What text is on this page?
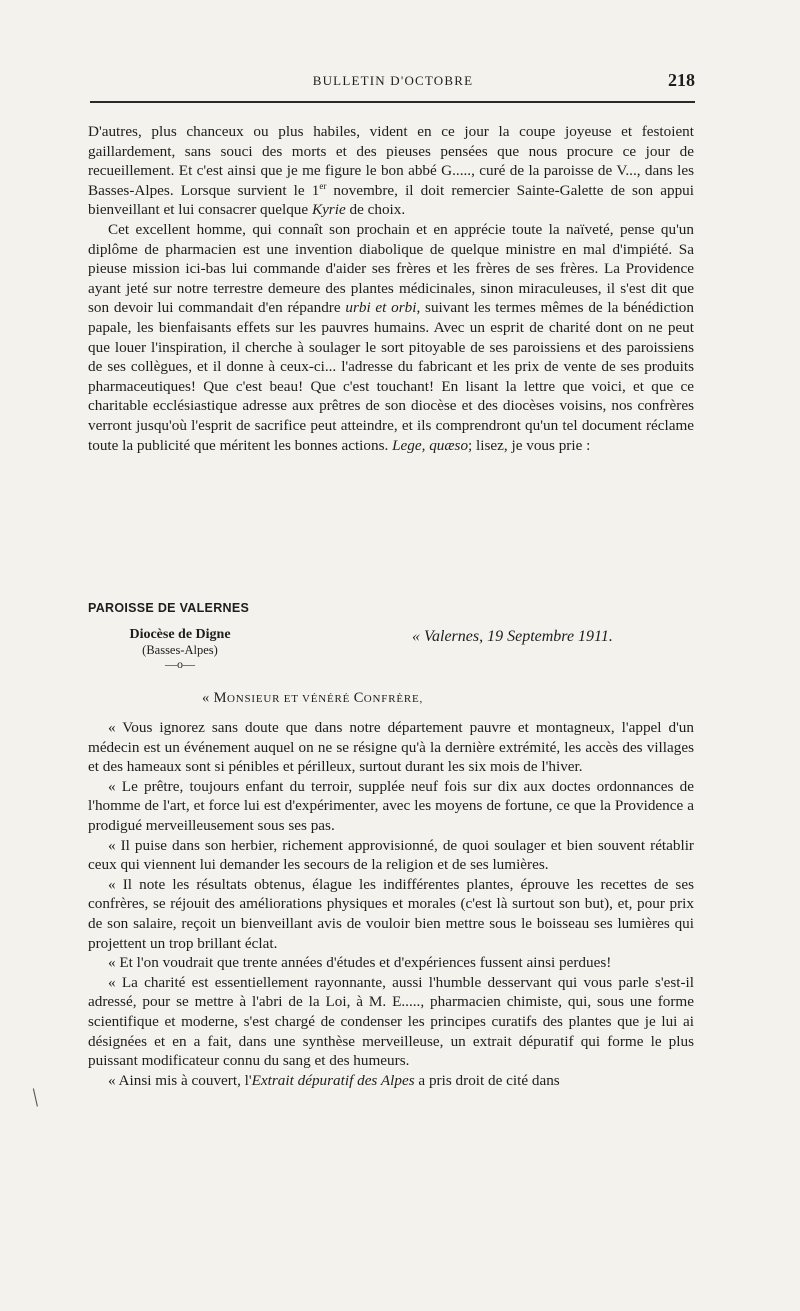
BULLETIN D'OCTOBRE	218

D'autres, plus chanceux ou plus habiles, vident en ce jour la coupe joyeuse et festoient gaillardement, sans souci des morts et des pieuses pensées que nous procure ce jour de recueillement. Et c'est ainsi que je me figure le bon abbé G....., curé de la paroisse de V..., dans les Basses-Alpes. Lorsque survient le 1er novembre, il doit remercier Sainte-Galette de son appui bienveillant et lui consacrer quelque Kyrie de choix.

Cet excellent homme, qui connaît son prochain et en apprécie toute la naïveté, pense qu'un diplôme de pharmacien est une invention diabolique de quelque ministre en mal d'impiété. Sa pieuse mission ici-bas lui commande d'aider ses frères et les frères de ses frères. La Providence ayant jeté sur notre terrestre demeure des plantes médicinales, sinon miraculeuses, il s'est dit que son devoir lui commandait d'en répandre urbi et orbi, suivant les termes mêmes de la bénédiction papale, les bienfaisants effets sur les pauvres humains. Avec un esprit de charité dont on ne peut que louer l'inspiration, il cherche à soulager le sort pitoyable de ses paroissiens et des paroissiens de ses collègues, et il donne à ceux-ci... l'adresse du fabricant et les prix de vente de ses produits pharmaceutiques! Que c'est beau! Que c'est touchant! En lisant la lettre que voici, et que ce charitable ecclésiastique adresse aux prêtres de son diocèse et des diocèses voisins, nos confrères verront jusqu'où l'esprit de sacrifice peut atteindre, et ils comprendront qu'un tel document réclame toute la publicité que méritent les bonnes actions. Lege, quæso; lisez, je vous prie :

PAROISSE DE VALERNES
Diocèse de Digne
(Basses-Alpes)
—o—
« Valernes, 19 Septembre 1911.
« MONSIEUR ET VÉNÉRÉ CONFRÈRE,

« Vous ignorez sans doute que dans notre département pauvre et montagneux, l'appel d'un médecin est un événement auquel on ne se résigne qu'à la dernière extrémité, les accès des villages et des hameaux sont si pénibles et périlleux, surtout durant les six mois de l'hiver.

« Le prêtre, toujours enfant du terroir, supplée neuf fois sur dix aux doctes ordonnances de l'homme de l'art, et force lui est d'expérimenter, avec les moyens de fortune, ce que la Providence a prodigué merveilleusement sous ses pas.

« Il puise dans son herbier, richement approvisionné, de quoi soulager et bien souvent rétablir ceux qui viennent lui demander les secours de la religion et de ses lumières.

« Il note les résultats obtenus, élague les indifférentes plantes, éprouve les recettes de ses confrères, se réjouit des améliorations physiques et morales (c'est là surtout son but), et, pour prix de son salaire, reçoit un bienveillant avis de vouloir bien mettre sous le boisseau ses lumières qui projettent un trop brillant éclat.

« Et l'on voudrait que trente années d'études et d'expériences fussent ainsi perdues!

« La charité est essentiellement rayonnante, aussi l'humble desservant qui vous parle s'est-il adressé, pour se mettre à l'abri de la Loi, à M. E....., pharmacien chimiste, qui, sous une forme scientifique et moderne, s'est chargé de condenser les principes curatifs des plantes que je lui ai désignées et en a fait, dans une synthèse merveilleuse, un extrait dépuratif qui forme le plus puissant modificateur connu du sang et des humeurs.

« Ainsi mis à couvert, l'Extrait dépuratif des Alpes a pris droit de cité dans

╱
